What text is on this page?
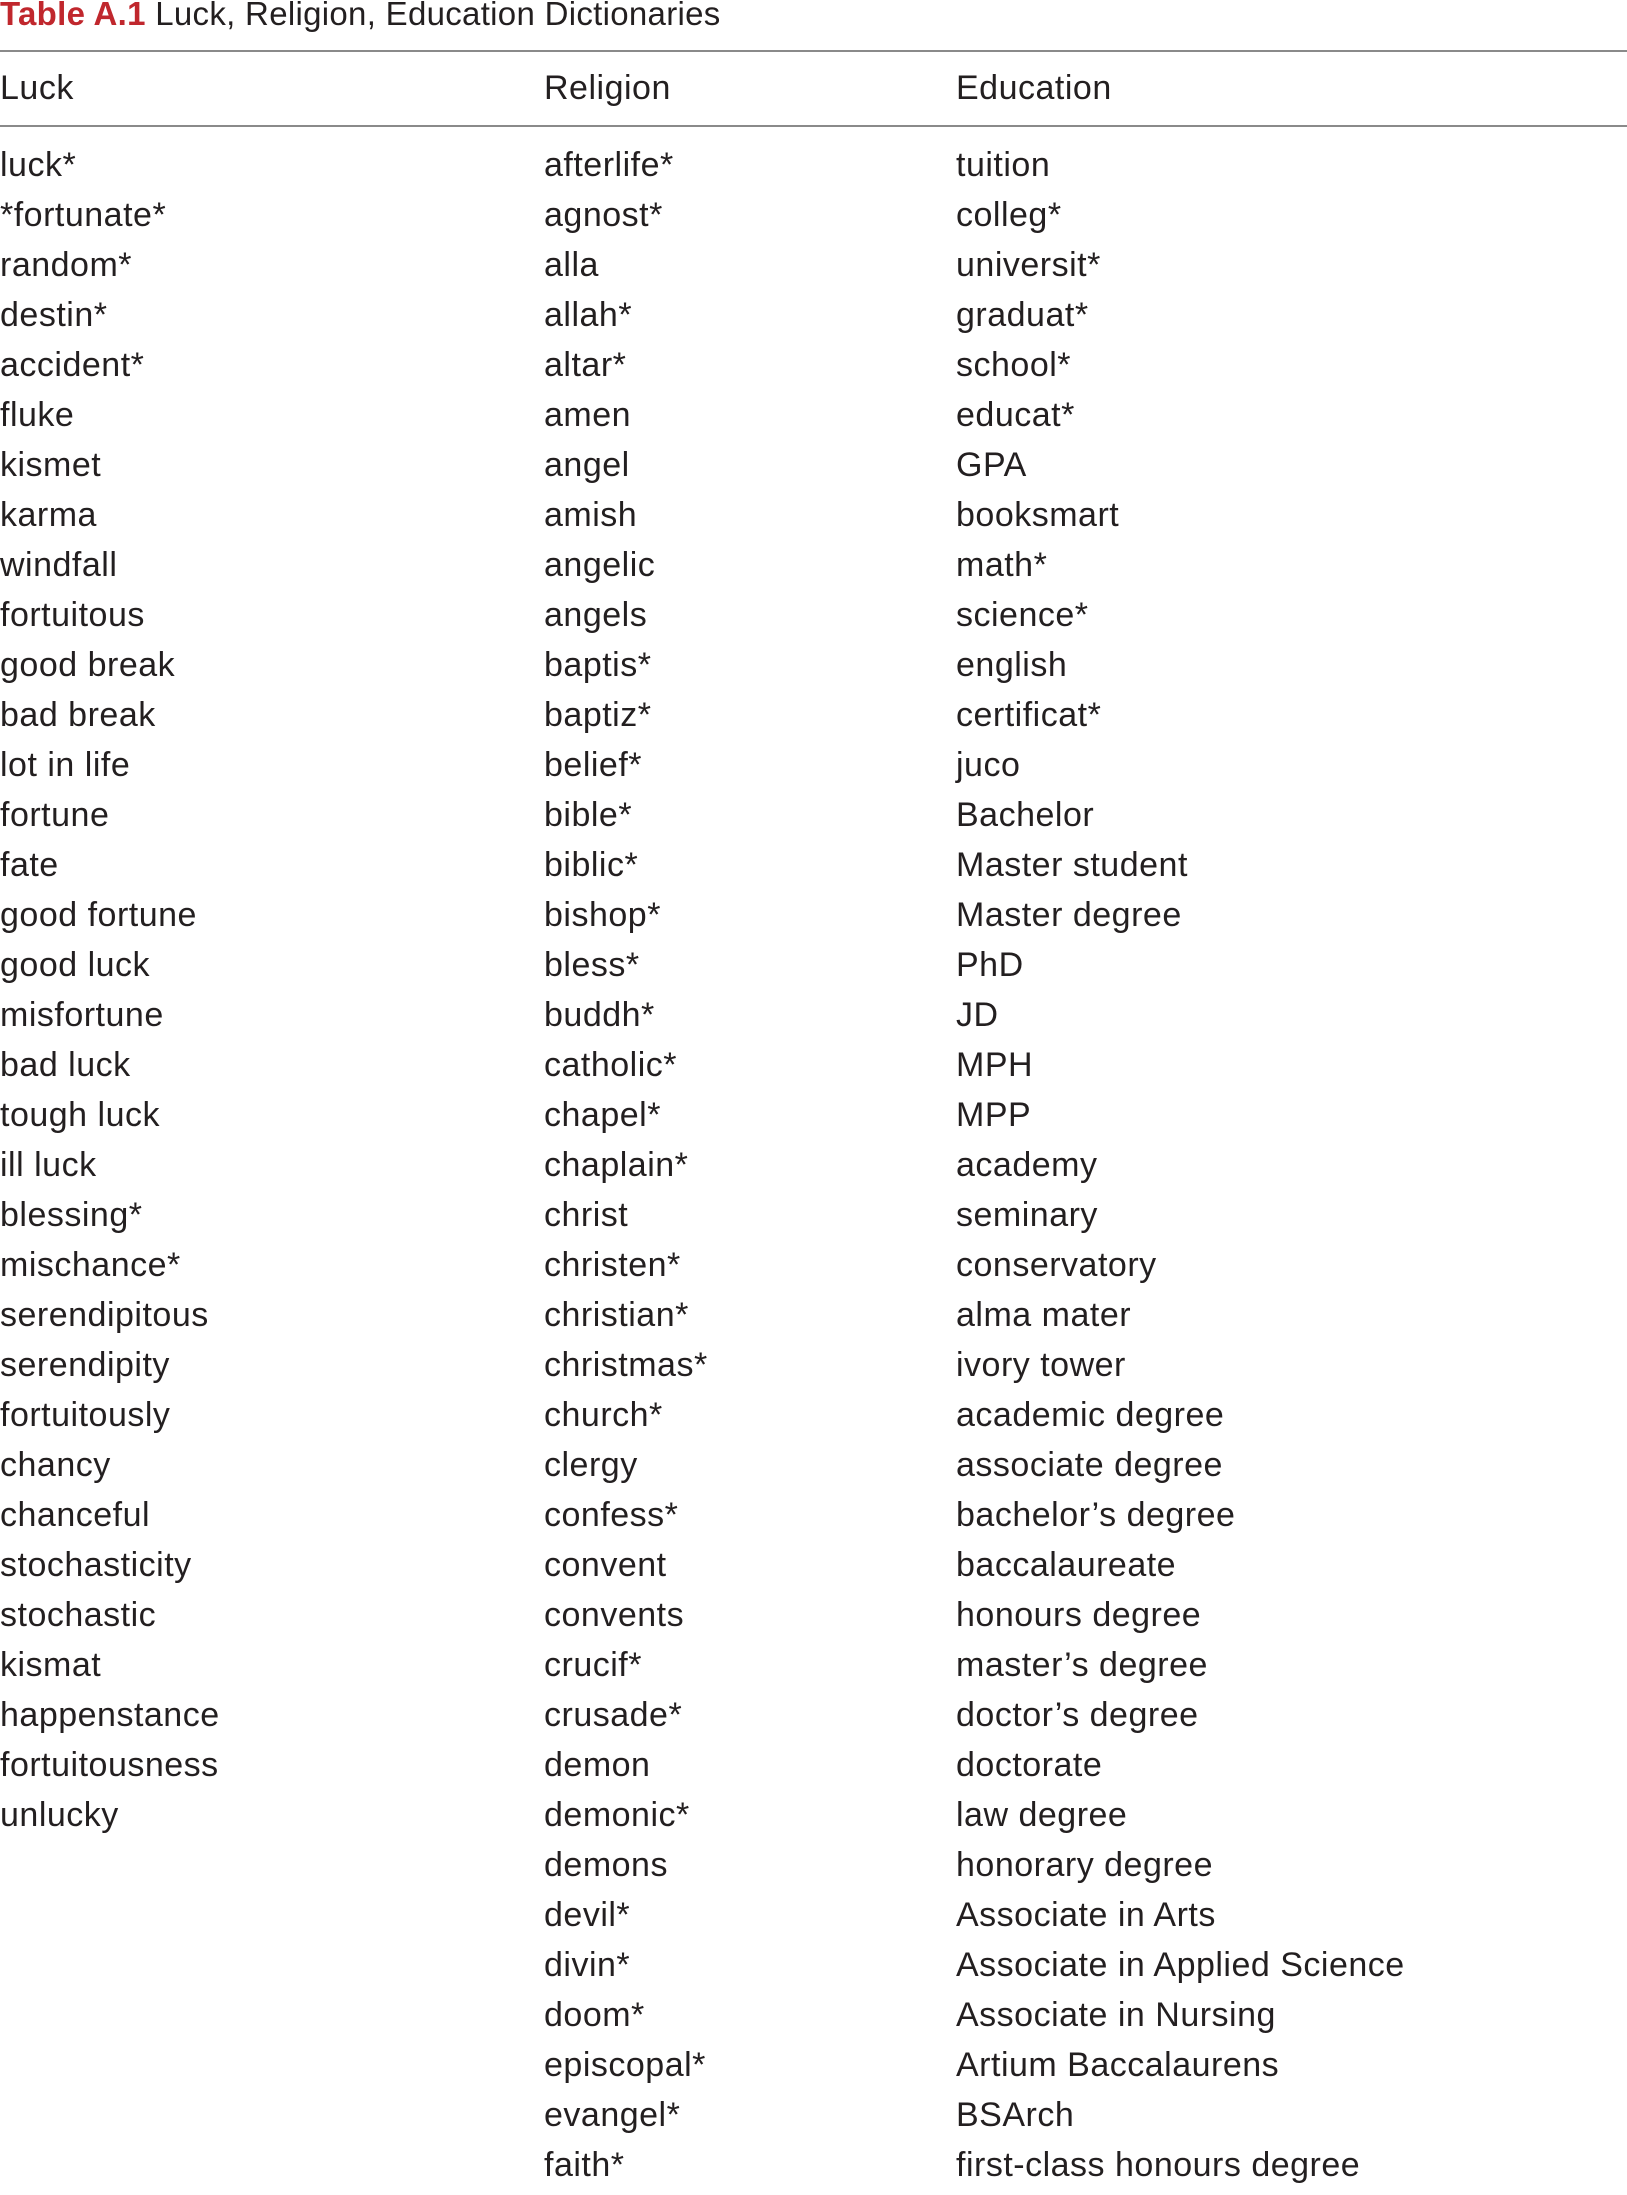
Table A.1 Luck, Religion, Education Dictionaries
Luck	Religion	Education
luck*
*fortunate*
random*
destin*
accident*
fluke
kismet
karma
windfall
fortuitous
good break
bad break
lot in life
fortune
fate
good fortune
good luck
misfortune
bad luck
tough luck
ill luck
blessing*
mischance*
serendipitous
serendipity
fortuitously
chancy
chanceful
stochasticity
stochastic
kismat
happenstance
fortuitousness
unlucky
afterlife*
agnost*
alla
allah*
altar*
amen
angel
amish
angelic
angels
baptis*
baptiz*
belief*
bible*
biblic*
bishop*
bless*
buddh*
catholic*
chapel*
chaplain*
christ
christen*
christian*
christmas*
church*
clergy
confess*
convent
convents
crucif*
crusade*
demon
demonic*
demons
devil*
divin*
doom*
episcopal*
evangel*
faith*
tuition
colleg*
universit*
graduat*
school*
educat*
GPA
booksmart
math*
science*
english
certificat*
juco
Bachelor
Master student
Master degree
PhD
JD
MPH
MPP
academy
seminary
conservatory
alma mater
ivory tower
academic degree
associate degree
bachelor’s degree
baccalaureate
honours degree
master’s degree
doctor’s degree
doctorate
law degree
honorary degree
Associate in Arts
Associate in Applied Science
Associate in Nursing
Artium Baccalaurens
BSArch
first-class honours degree
